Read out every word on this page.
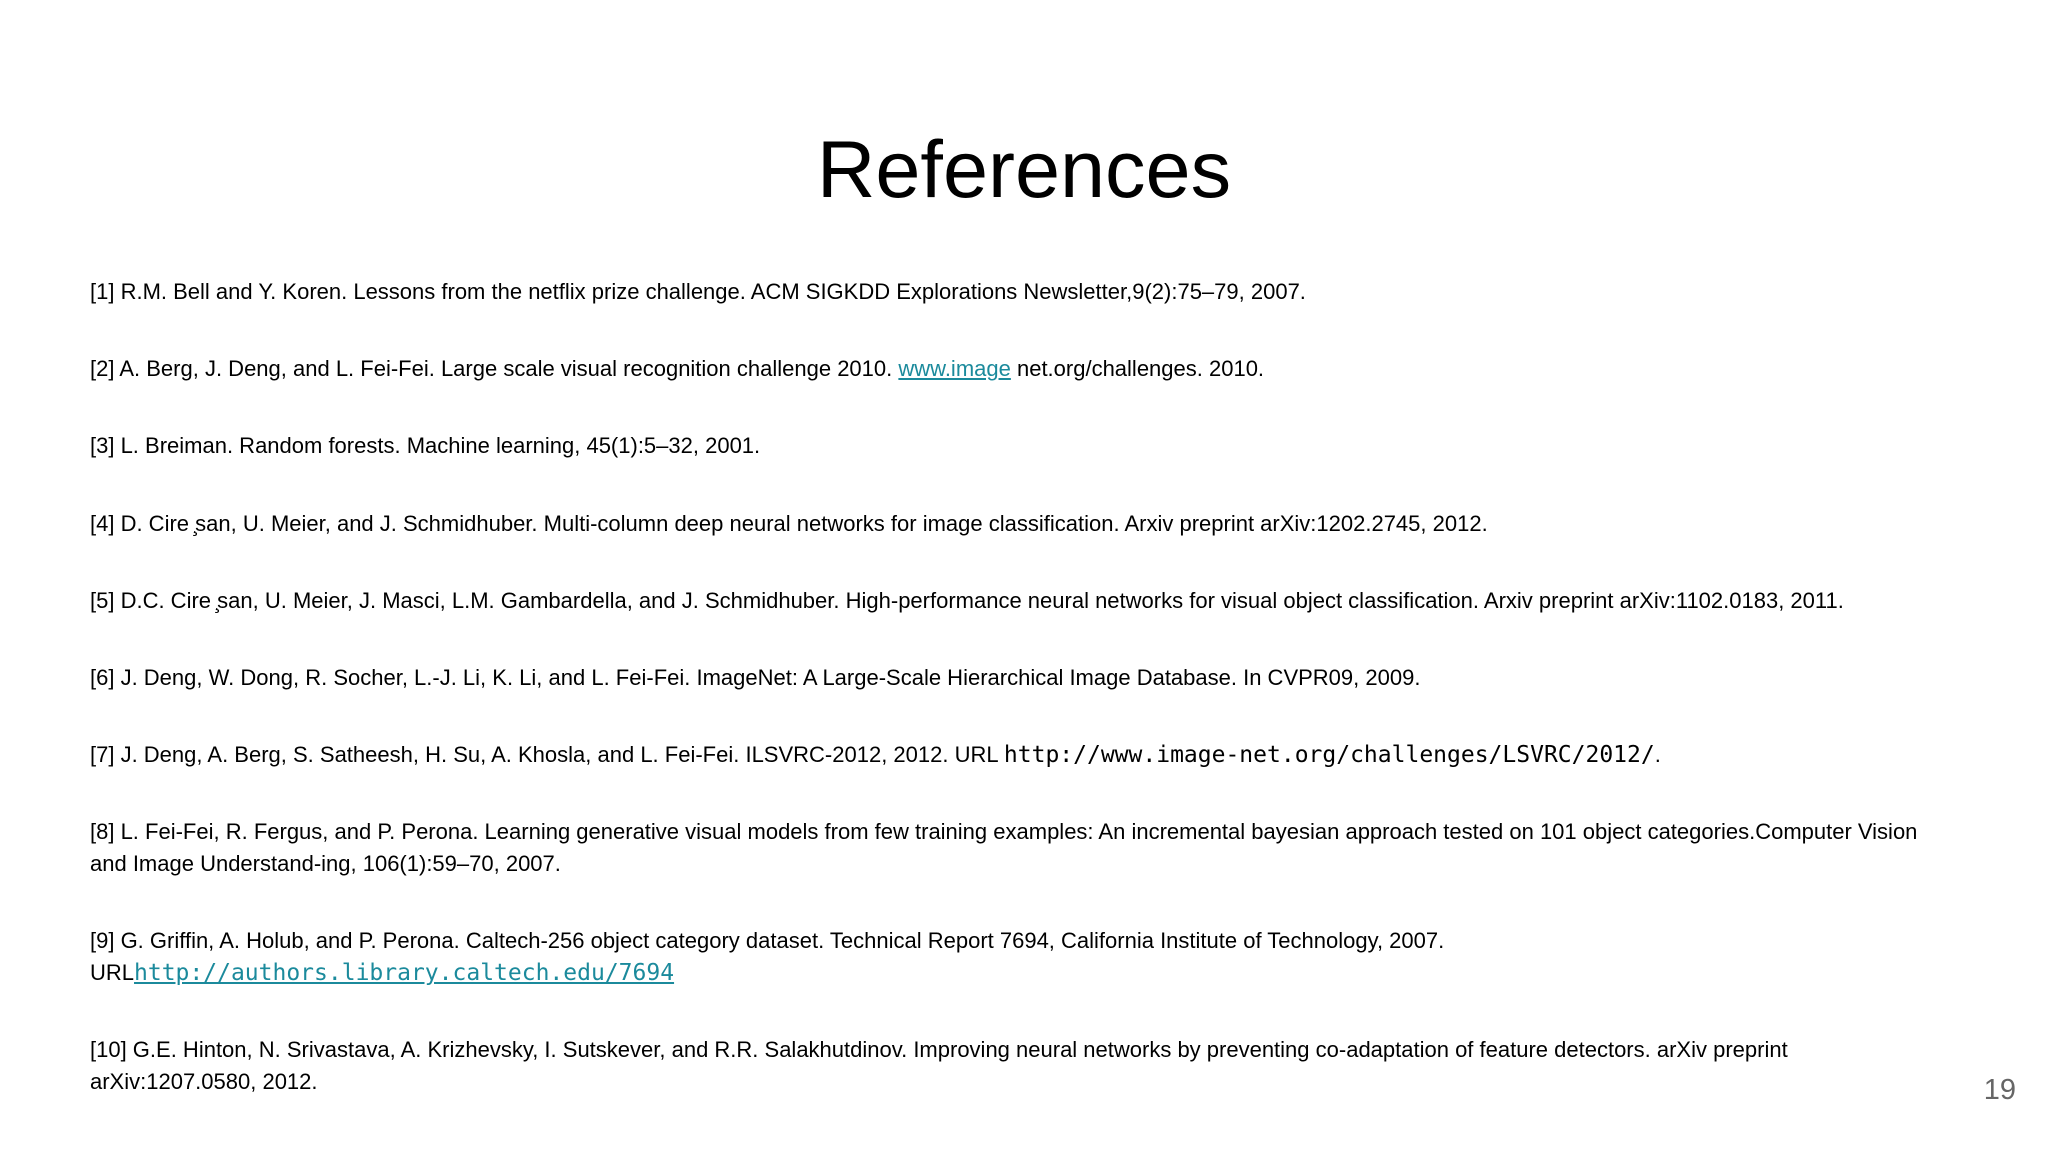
References
[1] R.M. Bell and Y. Koren. Lessons from the netflix prize challenge. ACM SIGKDD Explorations Newsletter,9(2):75–79, 2007.
[2] A. Berg, J. Deng, and L. Fei-Fei. Large scale visual recognition challenge 2010. www.image net.org/challenges. 2010.
[3] L. Breiman. Random forests. Machine learning, 45(1):5–32, 2001.
[4] D. Cire ̧san, U. Meier, and J. Schmidhuber. Multi-column deep neural networks for image classification. Arxiv preprint arXiv:1202.2745, 2012.
[5] D.C. Cire ̧san, U. Meier, J. Masci, L.M. Gambardella, and J. Schmidhuber. High-performance neural networks for visual object classification. Arxiv preprint arXiv:1102.0183, 2011.
[6] J. Deng, W. Dong, R. Socher, L.-J. Li, K. Li, and L. Fei-Fei. ImageNet: A Large-Scale Hierarchical Image Database. In CVPR09, 2009.
[7] J. Deng, A. Berg, S. Satheesh, H. Su, A. Khosla, and L. Fei-Fei. ILSVRC-2012, 2012. URL http://www.image-net.org/challenges/LSVRC/2012/.
[8] L. Fei-Fei, R. Fergus, and P. Perona. Learning generative visual models from few training examples: An incremental bayesian approach tested on 101 object categories.Computer Vision and Image Understand-ing, 106(1):59–70, 2007.
[9] G. Griffin, A. Holub, and P. Perona. Caltech-256 object category dataset. Technical Report 7694, California Institute of Technology, 2007.
URLhttp://authors.library.caltech.edu/7694
[10] G.E. Hinton, N. Srivastava, A. Krizhevsky, I. Sutskever, and R.R. Salakhutdinov. Improving neural networks by preventing co-adaptation of feature detectors. arXiv preprint arXiv:1207.0580, 2012.	19
